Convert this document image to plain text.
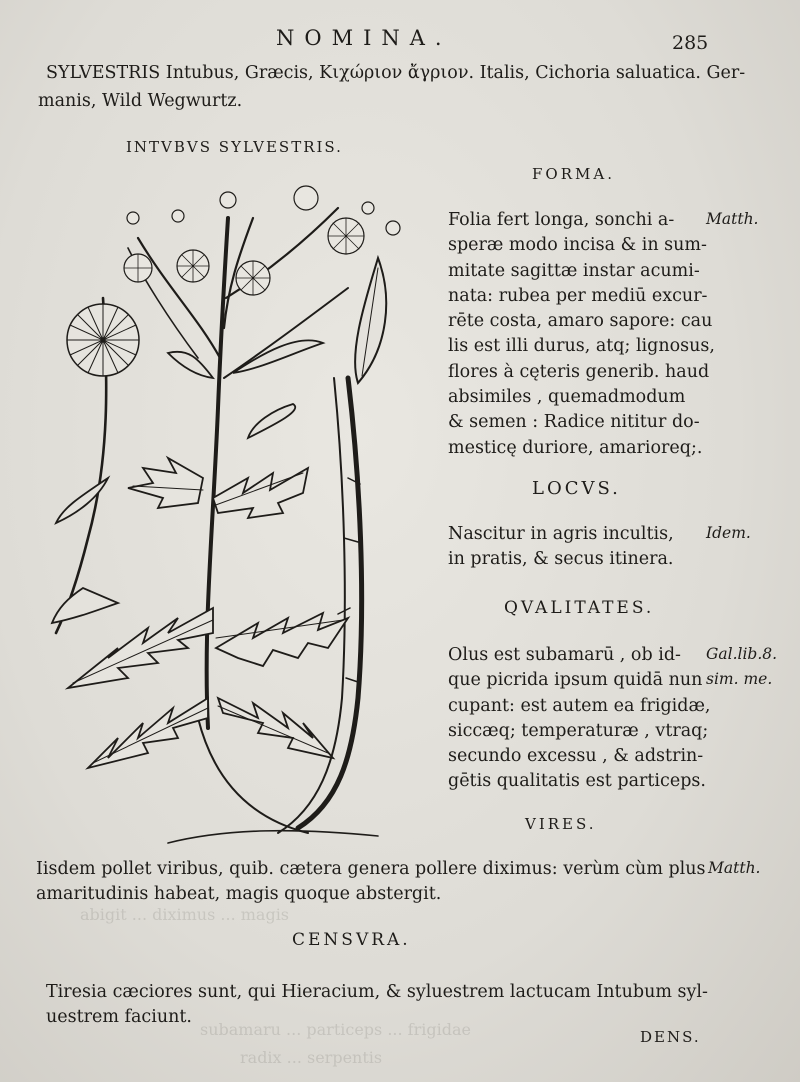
NOMINA.	285
SYLVESTRIS Intubus, Græcis, Κιχώριον ἄγριον. Italis, Cichoria saluatica. Ger-
manis, Wild Wegwurtz.
INTVBVS SYLVESTRIS.
abigit ... diximus ... magis
subamaru ... particeps ... frigidae
radix ... serpentis
FORMA.
Folia fert longa, sonchi a-
speræ modo incisa & in sum-
mitate sagittæ instar acumi-
nata: rubea per mediū excur-
rēte costa, amaro sapore: cau
lis est illi durus, atq; lignosus,
flores à cęteris generib. haud
absimiles , quemadmodum
& semen : Radice nititur do-
mesticę duriore, amarioreq;.
Matth.
LOCVS.
Nascitur in agris incultis,
in pratis, & secus itinera.
Idem.
QVALITATES.
Olus est subamarū , ob id-
que picrida ipsum quidā nun
cupant: est autem ea frigidæ,
siccæq; temperaturæ , vtraq;
secundo excessu , & adstrin-
gētis qualitatis est particeps.
Gal.lib.8.
sim. me.
VIRES.
Iisdem pollet viribus, quib. cætera genera pollere diximus: verùm cùm plus
amaritudinis habeat, magis quoque abstergit.
Matth.
CENSVRA.
Tiresia cæciores sunt, qui Hieracium, & syluestrem lactucam Intubum syl-
uestrem faciunt.
DENS.
